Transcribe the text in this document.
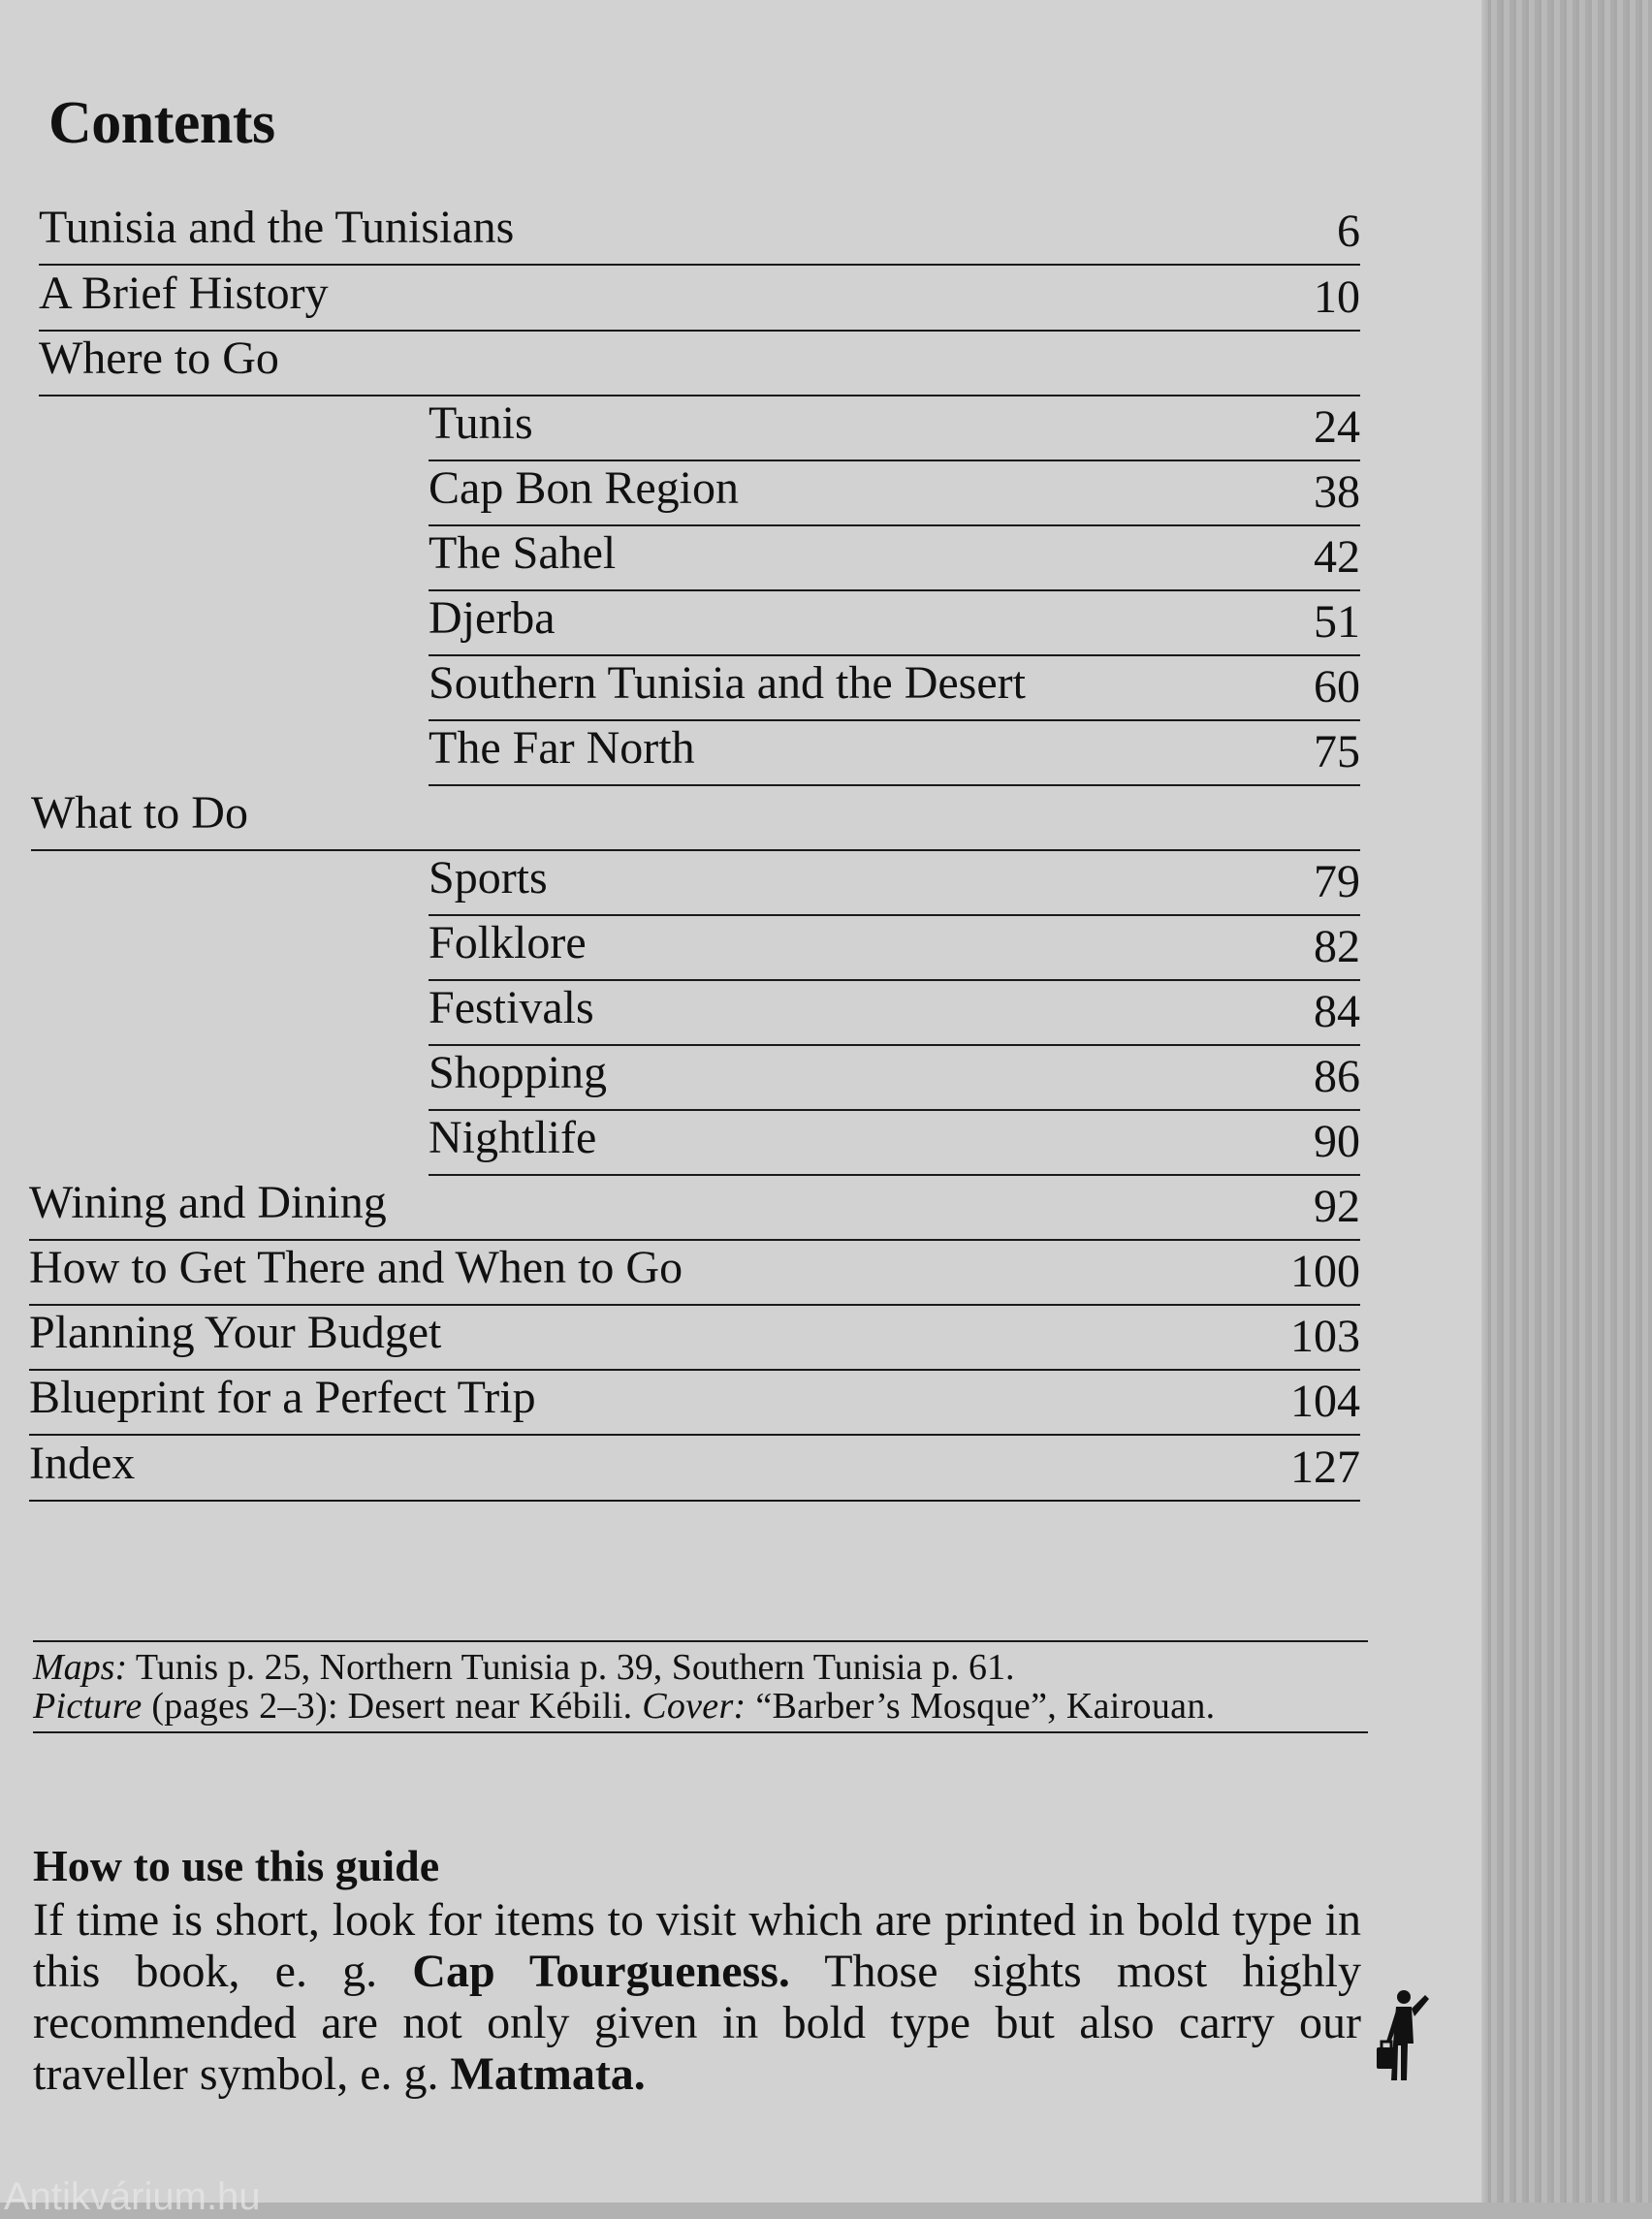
Contents
Tunisia and the Tunisians	6
A Brief History	10
Where to Go
Tunis	24
Cap Bon Region	38
The Sahel	42
Djerba	51
Southern Tunisia and the Desert	60
The Far North	75
What to Do
Sports	79
Folklore	82
Festivals	84
Shopping	86
Nightlife	90
Wining and Dining	92
How to Get There and When to Go	100
Planning Your Budget	103
Blueprint for a Perfect Trip	104
Index	127

Maps: Tunis p. 25, Northern Tunisia p. 39, Southern Tunisia p. 61.

Picture (pages 2–3): Desert near Kébili. Cover: “Barber’s Mosque”, Kairouan.

How to use this guide

If time is short, look for items to visit which are printed in bold type in this book, e. g. Cap Tourgueness. Those sights most highly recommended are not only given in bold type but also carry our traveller symbol, e. g. Matmata.

Antikvárium.hu
